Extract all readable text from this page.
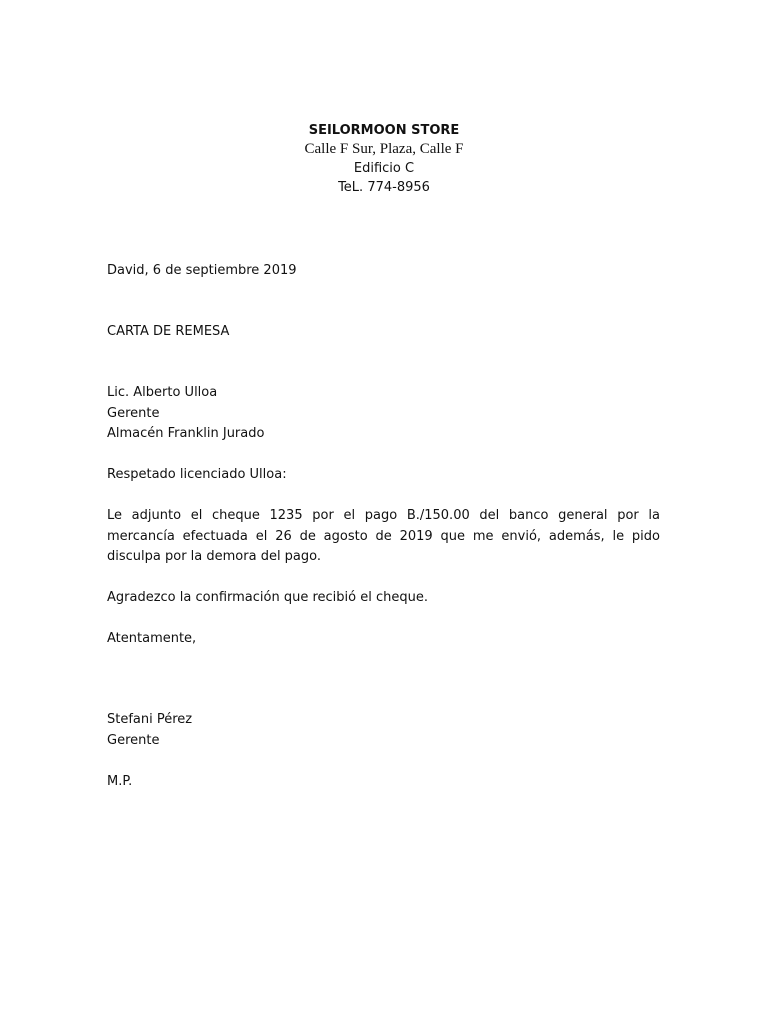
SEILORMOON STORE
Calle F Sur, Plaza, Calle F
Edificio C
TeL. 774-8956
David, 6 de septiembre 2019
CARTA DE REMESA
Lic. Alberto Ulloa
Gerente
Almacén Franklin Jurado
Respetado licenciado Ulloa:
Le adjunto el cheque 1235 por el pago B./150.00 del banco general por la mercancía efectuada el 26 de agosto de 2019 que me envió, además, le pido disculpa por la demora del pago.
Agradezco la confirmación que recibió el cheque.
Atentamente,
Stefani Pérez
Gerente
M.P.
